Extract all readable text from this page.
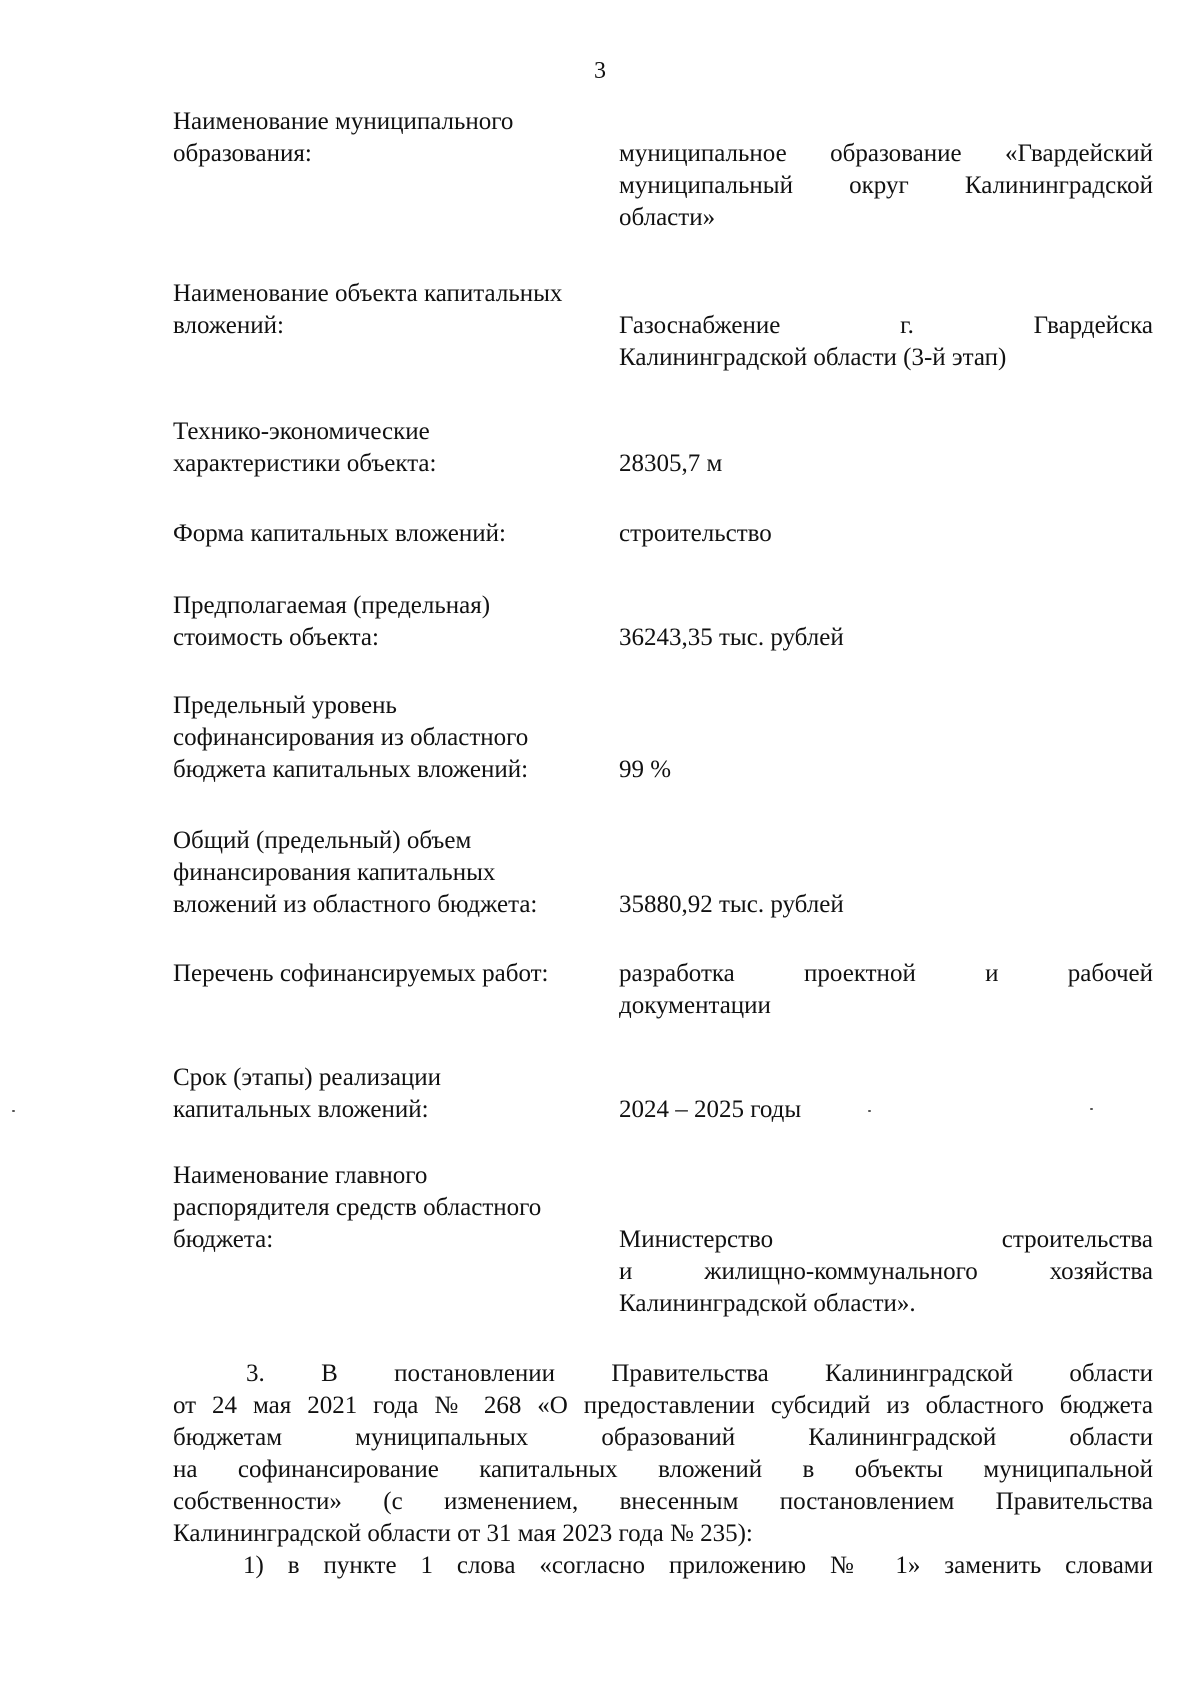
3
Наименование муниципального
образования:	муниципальное образование «Гвардейский
муниципальный округ Калининградской
области»
Наименование объекта капитальных
вложений:	Газоснабжение г. Гвардейска
Калининградской области (3-й этап)
Технико-экономические
характеристики объекта:	28305,7 м
Форма капитальных вложений:	строительство
Предполагаемая (предельная)
стоимость объекта:	36243,35 тыс. рублей
Предельный уровень
софинансирования из областного
бюджета капитальных вложений:	99 %
Общий (предельный) объем
финансирования капитальных
вложений из областного бюджета:	35880,92 тыс. рублей
Перечень софинансируемых работ:	разработка проектной и рабочей
документации
Срок (этапы) реализации
капитальных вложений:	2024 – 2025 годы
Наименование главного
распорядителя средств областного
бюджета:	Министерство строительства
и жилищно-коммунального хозяйства
Калининградской области».
3. В постановлении Правительства Калининградской области
от 24 мая 2021 года № 268 «О предоставлении субсидий из областного бюджета
бюджетам муниципальных образований Калининградской области
на софинансирование капитальных вложений в объекты муниципальной
собственности» (с изменением, внесенным постановлением Правительства
Калининградской области от 31 мая 2023 года № 235):
1) в пункте 1 слова «согласно приложению № 1» заменить словами
